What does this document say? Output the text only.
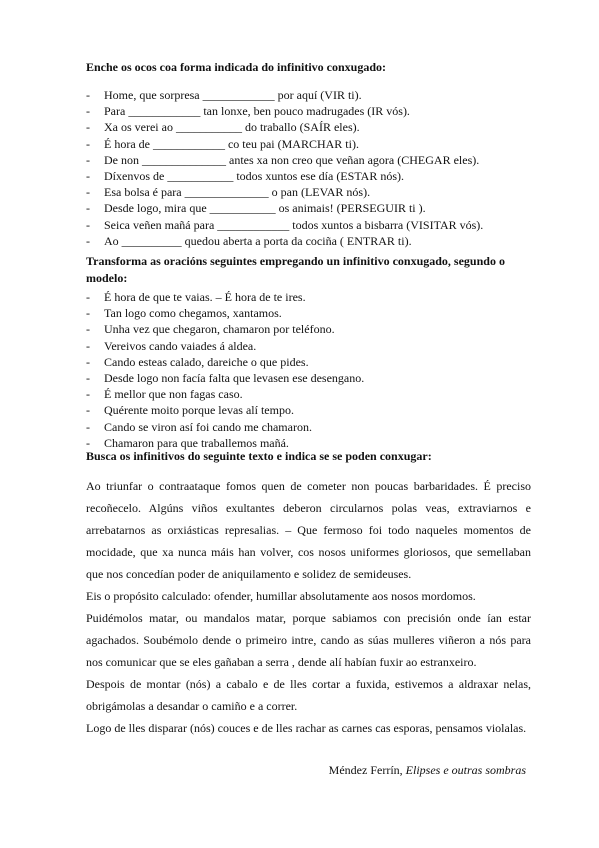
Enche os ocos coa forma indicada do infinitivo conxugado:
- Home, que sorpresa ____________ por aquí (VIR ti).
- Para ____________ tan lonxe, ben pouco madrugades (IR vós).
- Xa os verei ao ___________ do traballo (SAÍR eles).
- É hora de ____________ co teu pai (MARCHAR ti).
- De non ______________ antes xa non creo que veñan agora (CHEGAR eles).
- Díxenvos de ___________ todos xuntos ese día (ESTAR nós).
- Esa bolsa é para ______________ o pan (LEVAR nós).
- Desde logo, mira que ___________ os animais! (PERSEGUIR ti ).
- Seica veñen mañá para ____________ todos xuntos a bisbarra (VISITAR vós).
- Ao __________ quedou aberta a porta da cociña ( ENTRAR ti).
Transforma as oracións seguintes empregando un infinitivo conxugado, segundo o modelo:
- É hora de que te vaias. – É hora de te ires.
- Tan logo como chegamos, xantamos.
- Unha vez que chegaron, chamaron por teléfono.
- Vereivos cando vaiades á aldea.
- Cando esteas calado, dareiche o que pides.
- Desde logo non facía falta que levasen ese desengano.
- É mellor que non fagas caso.
- Quérente moito porque levas alí tempo.
- Cando se viron así foi cando me chamaron.
- Chamaron para que traballemos mañá.
Busca os infinitivos do seguinte texto e indica se se poden conxugar:

Ao triunfar o contraataque fomos quen de cometer non poucas barbaridades. É preciso recoñecelo. Algúns viños exultantes deberon circularnos polas veas, extraviarnos e arrebatarnos as orxiásticas represalias. – Que fermoso foi todo naqueles momentos de mocidade, que xa nunca máis han volver, cos nosos uniformes gloriosos, que semellaban que nos concedían poder de aniquilamento e solidez de semideuses.

Eis o propósito calculado: ofender, humillar absolutamente aos nosos mordomos.

Puidémolos matar, ou mandalos matar, porque sabiamos con precisión onde ían estar agachados. Soubémolo dende o primeiro intre, cando as súas mulleres viñeron a nós para nos comunicar que se eles gañaban a serra , dende alí habían fuxir ao estranxeiro.

Despois de montar (nós) a cabalo e de lles cortar a fuxida, estivemos a aldraxar nelas, obrigámolas a desandar o camiño e a correr.

Logo de lles disparar (nós) couces e de lles rachar as carnes cas esporas, pensamos violalas.

Méndez Ferrín, Elipses e outras sombras
